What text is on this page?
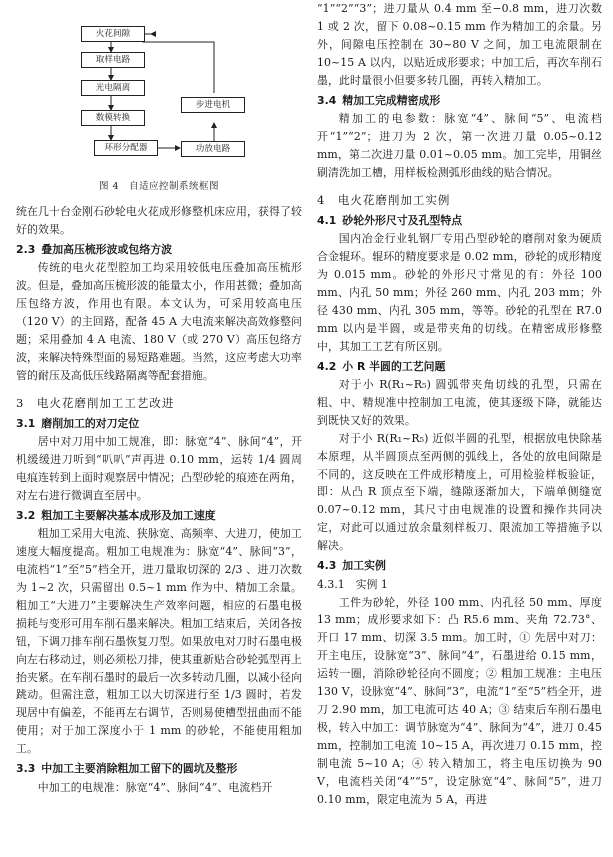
火花间隙
取样电路
光电隔离
数模转换
环形分配器
步进电机
功放电路
图 4　自适应控制系统框图

统在几十台金刚石砂轮电火花成形修整机床应用，获得了较好的效果。

2.3 叠加高压梳形波或包络方波

传统的电火花型腔加工均采用较低电压叠加高压梳形波。但是，叠加高压梳形波的能量太小，作用甚微；叠加高压包络方波，作用也有限。本文认为，可采用较高电压（120 V）的主回路，配备 45 A 大电流来解决高效修整问题；采用叠加 4 A 电流、180 V（或 270 V）高压包络方波，来解决特殊型面的易短路难题。当然，这应考虑大功率管的耐压及高低压线路隔离等配套措施。

3　电火花磨削加工工艺改进
3.1 磨削加工的对刀定位

居中对刀用中加工规准，即：脉宽“4”、脉间“4”，开机缓缓进刀听到“叭叭”声再进 0.10 mm，运转 1/4 圆周电痕连转到上面时观察居中情况；凸型砂轮的痕迹在两角，对左右进行微调直至居中。

3.2 粗加工主要解决基本成形及加工速度

粗加工采用大电流、狭脉宽、高频率、大进刀，使加工速度大幅度提高。粗加工电规准为：脉宽“4”、脉间“3”，电流档“1”至“5”档全开，进刀量取切深的 2/3 、进刀次数为 1~2 次，只需留出 0.5~1 mm 作为中、精加工余量。粗加工“大进刀”主要解决生产效率问题，相应的石墨电极损耗与变形可用车削石墨来解决。粗加工结束后，关闭各按钮，下调刀排车削石墨恢复刀型。如果放电对刀时石墨电极向左右移动过，则必须松刀排，使其重新贴合砂轮弧型再上抬夹紧。在车削石墨时的最后一次多转动几圈，以减小径向跳动。但需注意，粗加工以大切深进行至 1/3 圆时，若发现居中有偏差，不能再左右调节，否则易使槽型扭曲而不能使用；对于加工深度小于 1 mm 的砂轮，不能使用粗加工。

3.3 中加工主要消除粗加工留下的圆坑及整形

中加工的电规准：脉宽“4”、脉间“4”、电流档开

“1”“2”“3”；进刀量从 0.4 mm 至−0.8 mm，进刀次数 1 或 2 次，留下 0.08~0.15 mm 作为精加工的余量。另外，间隙电压控制在 30~80 V 之间，加工电流限制在 10~15 A 以内，以贴近成形要求；中加工后，再次车削石墨，此时量很小但要多转几圈，再转入精加工。

3.4 精加工完成精密成形

精加工的电参数：脉宽“4”、脉间“5”、电流档开“1”“2”；进刀为 2 次，第一次进刀量 0.05~0.12 mm，第二次进刀量 0.01~0.05 mm。加工完毕，用铜丝刷清洗加工槽，用样板检测弧形曲线的贴合情况。

4　电火花磨削加工实例
4.1 砂轮外形尺寸及孔型特点

国内冶金行业轧钢厂专用凸型砂轮的磨削对象为硬质合金辊环。辊环的精度要求是 0.02 mm，砂轮的成形精度为 0.015 mm。砂轮的外形尺寸常见的有：外径 100 mm、内孔 50 mm；外径 260 mm、内孔 203 mm；外径 430 mm、内孔 305 mm，等等。砂轮的孔型在 R7.0 mm 以内是半圆，或是带夹角的切线。在精密成形修整中，其加工工艺有所区别。

4.2 小 R 半圆的工艺问题

对于小 R(R₁~R₅) 圆弧带夹角切线的孔型，只需在粗、中、精规准中控制加工电流，使其逐级下降，就能达到既快又好的效果。

对于小 R(R₁~R₅) 近似半圆的孔型，根据放电快除基本原理，从半圆顶点至两侧的弧线上，各处的放电间隙是不同的，这反映在工件成形精度上，可用检验样板验证，即：从凸 R 顶点至下端，缝隙逐渐加大，下端单侧缝宽 0.07~0.12 mm，其尺寸由电规准的设置和操作共同决定，对此可以通过放余量刻样板刀、限流加工等措施予以解决。

4.3 加工实例
4.3.1　实例 1

工件为砂轮，外径 100 mm、内孔径 50 mm、厚度 13 mm；成形要求如下：凸 R5.6 mm、夹角 72.73°、开口 17 mm、切深 3.5 mm。加工时，① 先居中对刀：开主电压，设脉宽“3”、脉间“4”，石墨进给 0.15 mm，运转一圈，消除砂轮径向不圆度；② 粗加工规准：主电压 130 V，设脉宽“4”、脉间“3”，电流“1”至“5”档全开，进刀 2.90 mm，加工电流可达 40 A；③ 结束后车削石墨电极，转入中加工：调节脉宽为“4”、脉间为“4”，进刀 0.45 mm，控制加工电流 10~15 A，再次进刀 0.15 mm，控制电流 5~10 A；④ 转入精加工，将主电压切换为 90 V，电流档关闭“4”“5”，设定脉宽“4”、脉间“5”，进刀 0.10 mm，限定电流为 5 A，再进
